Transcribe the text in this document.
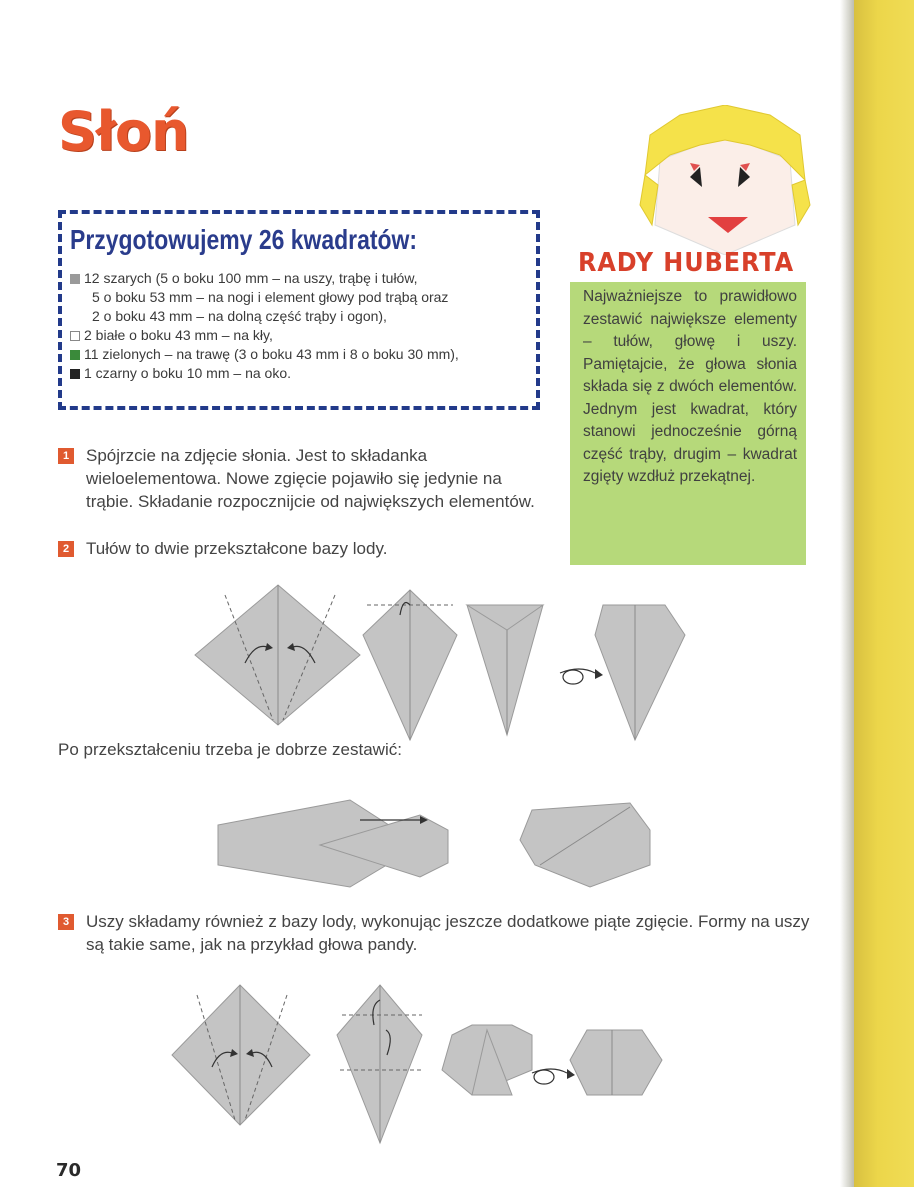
Słoń
Przygotowujemy 26 kwadratów:
12 szarych (5 o boku 100 mm – na uszy, trąbę i tułów,
5 o boku 53 mm – na nogi i element głowy pod trąbą oraz
2 o boku 43 mm – na dolną część trąby i ogon),
2 białe o boku 43 mm – na kły,
11 zielonych – na trawę (3 o boku 43 mm i 8 o boku 30 mm),
1 czarny o boku 10 mm – na oko.
RADY HUBERTA
Najważniejsze to prawidłowo zestawić największe elementy – tułów, głowę i uszy. Pamiętajcie, że głowa słonia składa się z dwóch elementów. Jednym jest kwadrat, który stanowi jednocześnie górną część trąby, drugim – kwadrat zgięty wzdłuż przekątnej.
1 Spójrzcie na zdjęcie słonia. Jest to składanka wieloelementowa. Nowe zgięcie pojawiło się jedynie na trąbie. Składanie rozpocznijcie od największych elementów.
2 Tułów to dwie przekształcone bazy lody.
Po przekształceniu trzeba je dobrze zestawić:
3 Uszy składamy również z bazy lody, wykonując jeszcze dodatkowe piąte zgięcie. Formy na uszy są takie same, jak na przykład głowa pandy.
70
